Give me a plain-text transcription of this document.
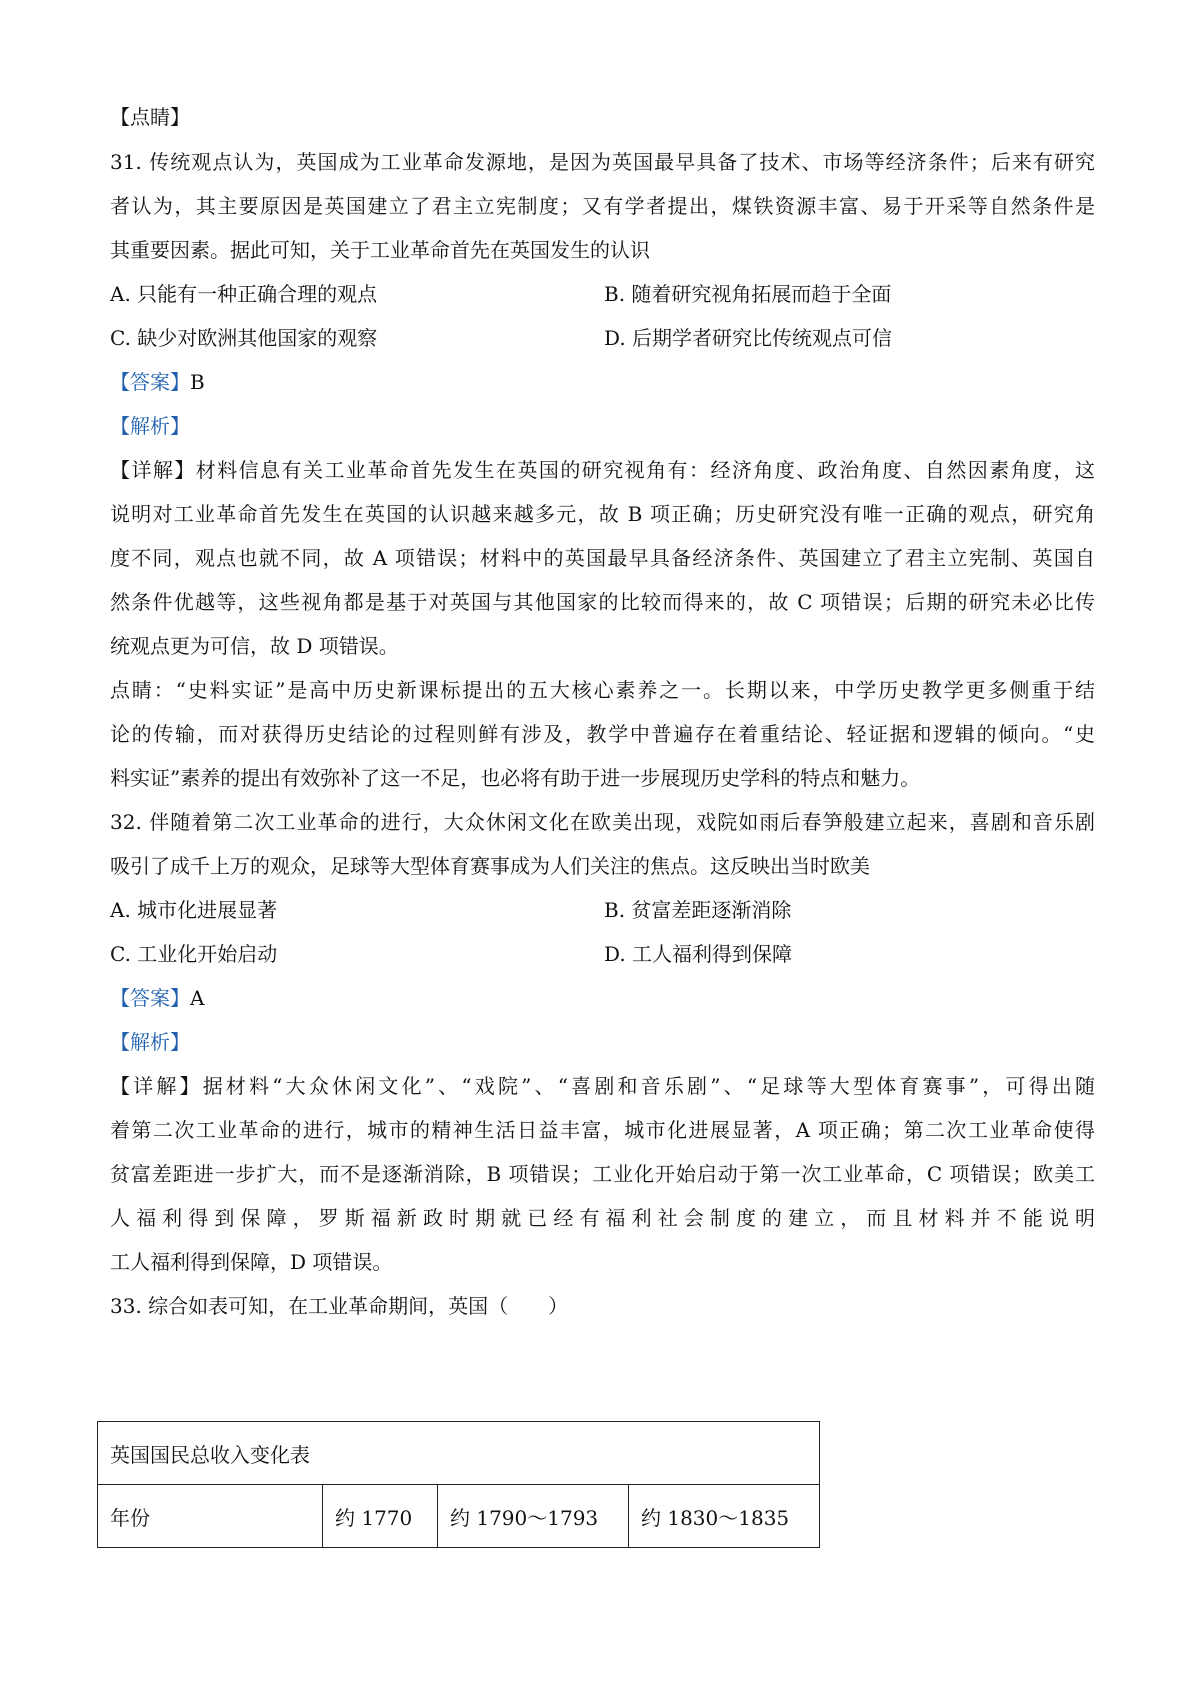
【点睛】
31. 传统观点认为，英国成为工业革命发源地，是因为英国最早具备了技术、市场等经济条件；后来有研究
者认为，其主要原因是英国建立了君主立宪制度；又有学者提出，煤铁资源丰富、易于开采等自然条件是
其重要因素。据此可知，关于工业革命首先在英国发生的认识
A. 只能有一种正确合理的观点	B. 随着研究视角拓展而趋于全面
C. 缺少对欧洲其他国家的观察	D. 后期学者研究比传统观点可信
【答案】B
【解析】
【详解】材料信息有关工业革命首先发生在英国的研究视角有：经济角度、政治角度、自然因素角度，这
说明对工业革命首先发生在英国的认识越来越多元，故 B 项正确；历史研究没有唯一正确的观点，研究角
度不同，观点也就不同，故 A 项错误；材料中的英国最早具备经济条件、英国建立了君主立宪制、英国自
然条件优越等，这些视角都是基于对英国与其他国家的比较而得来的，故 C 项错误；后期的研究未必比传
统观点更为可信，故 D 项错误。
点睛：“史料实证”是高中历史新课标提出的五大核心素养之一。长期以来，中学历史教学更多侧重于结
论的传输，而对获得历史结论的过程则鲜有涉及，教学中普遍存在着重结论、轻证据和逻辑的倾向。“史
料实证”素养的提出有效弥补了这一不足，也必将有助于进一步展现历史学科的特点和魅力。
32. 伴随着第二次工业革命的进行，大众休闲文化在欧美出现，戏院如雨后春笋般建立起来，喜剧和音乐剧
吸引了成千上万的观众，足球等大型体育赛事成为人们关注的焦点。这反映出当时欧美
A. 城市化进展显著	B. 贫富差距逐渐消除
C. 工业化开始启动	D. 工人福利得到保障
【答案】A
【解析】
【详解】据材料“大众休闲文化”、“戏院”、“喜剧和音乐剧”、“足球等大型体育赛事”，可得出随
着第二次工业革命的进行，城市的精神生活日益丰富，城市化进展显著，A 项正确；第二次工业革命使得
贫富差距进一步扩大，而不是逐渐消除，B 项错误；工业化开始启动于第一次工业革命，C 项错误；欧美工
人福利得到保障，罗斯福新政时期就已经有福利社会制度的建立，而且材料并不能说明
工人福利得到保障，D 项错误。
33. 综合如表可知，在工业革命期间，英国（　　）
英国国民总收入变化表
年份	约 1770	约 1790～1793	约 1830～1835
